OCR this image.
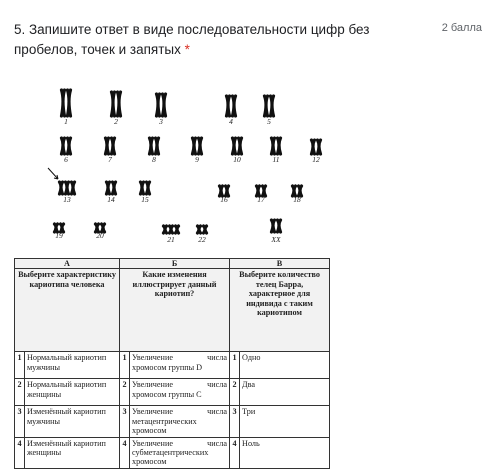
5. Запишите ответ в виде последовательности цифр без пробелов, точек и запятых *
2 балла
1	2	3	4	5
6	7	8	9	10	11	12
13	14	15	16	17	18
19	20	21	22	XX
А		Б		В	
Выберите характеристику кариотипа человека		Какие изменения иллюстрирует данный кариотип?		Выберите количество телец Барра, характерное для индивида с таким кариотипом	
1	Нормальный кариотип мужчины	1	Увеличение числа хромосом группы D	1	Одно
2	Нормальный кариотип женщины	2	Увеличение числа хромосом группы С	2	Два
3	Изменённый кариотип мужчины	3	Увеличение числа метацентрических хромосом	3	Три
4	Изменённый кариотип женщины	4	Увеличение числа субметацентрических хромосом	4	Ноль
